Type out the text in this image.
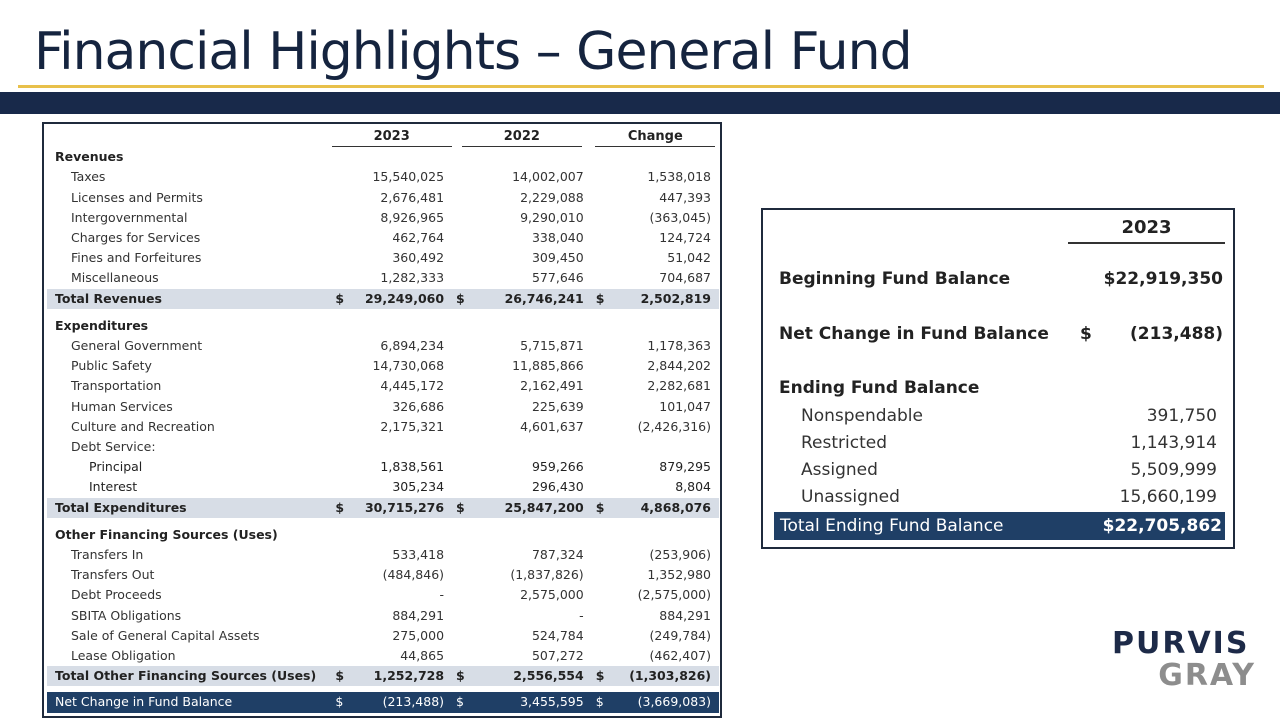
Financial Highlights – General Fund
	2023		2022		Change	
Revenues						
Taxes		15,540,025		14,002,007		1,538,018
Licenses and Permits		2,676,481		2,229,088		447,393
Intergovernmental		8,926,965		9,290,010		(363,045)
Charges for Services		462,764		338,040		124,724
Fines and Forfeitures		360,492		309,450		51,042
Miscellaneous		1,282,333		577,646		704,687
Total Revenues	$	29,249,060	$	26,746,241	$	2,502,819

Expenditures						
General Government		6,894,234		5,715,871		1,178,363
Public Safety		14,730,068		11,885,866		2,844,202
Transportation		4,445,172		2,162,491		2,282,681
Human Services		326,686		225,639		101,047
Culture and Recreation		2,175,321		4,601,637		(2,426,316)
Debt Service:						
Principal		1,838,561		959,266		879,295
Interest		305,234		296,430		8,804
Total Expenditures	$	30,715,276	$	25,847,200	$	4,868,076

Other Financing Sources (Uses)						
Transfers In		533,418		787,324		(253,906)
Transfers Out		(484,846)		(1,837,826)		1,352,980
Debt Proceeds		-		2,575,000		(2,575,000)
SBITA Obligations		884,291		-		884,291
Sale of General Capital Assets		275,000		524,784		(249,784)
Lease Obligation		44,865		507,272		(462,407)
Total Other Financing Sources (Uses)	$	1,252,728	$	2,556,554	$	(1,303,826)

Net Change in Fund Balance	$	(213,488)	$	3,455,595	$	(3,669,083)
2023
Beginning Fund Balance	$22,919,350
Net Change in Fund Balance $ (213,488)
Ending Fund Balance
Nonspendable	391,750
Restricted	1,143,914
Assigned	5,509,999
Unassigned	15,660,199
Total Ending Fund Balance	$22,705,862
PURVIS
GRAY
